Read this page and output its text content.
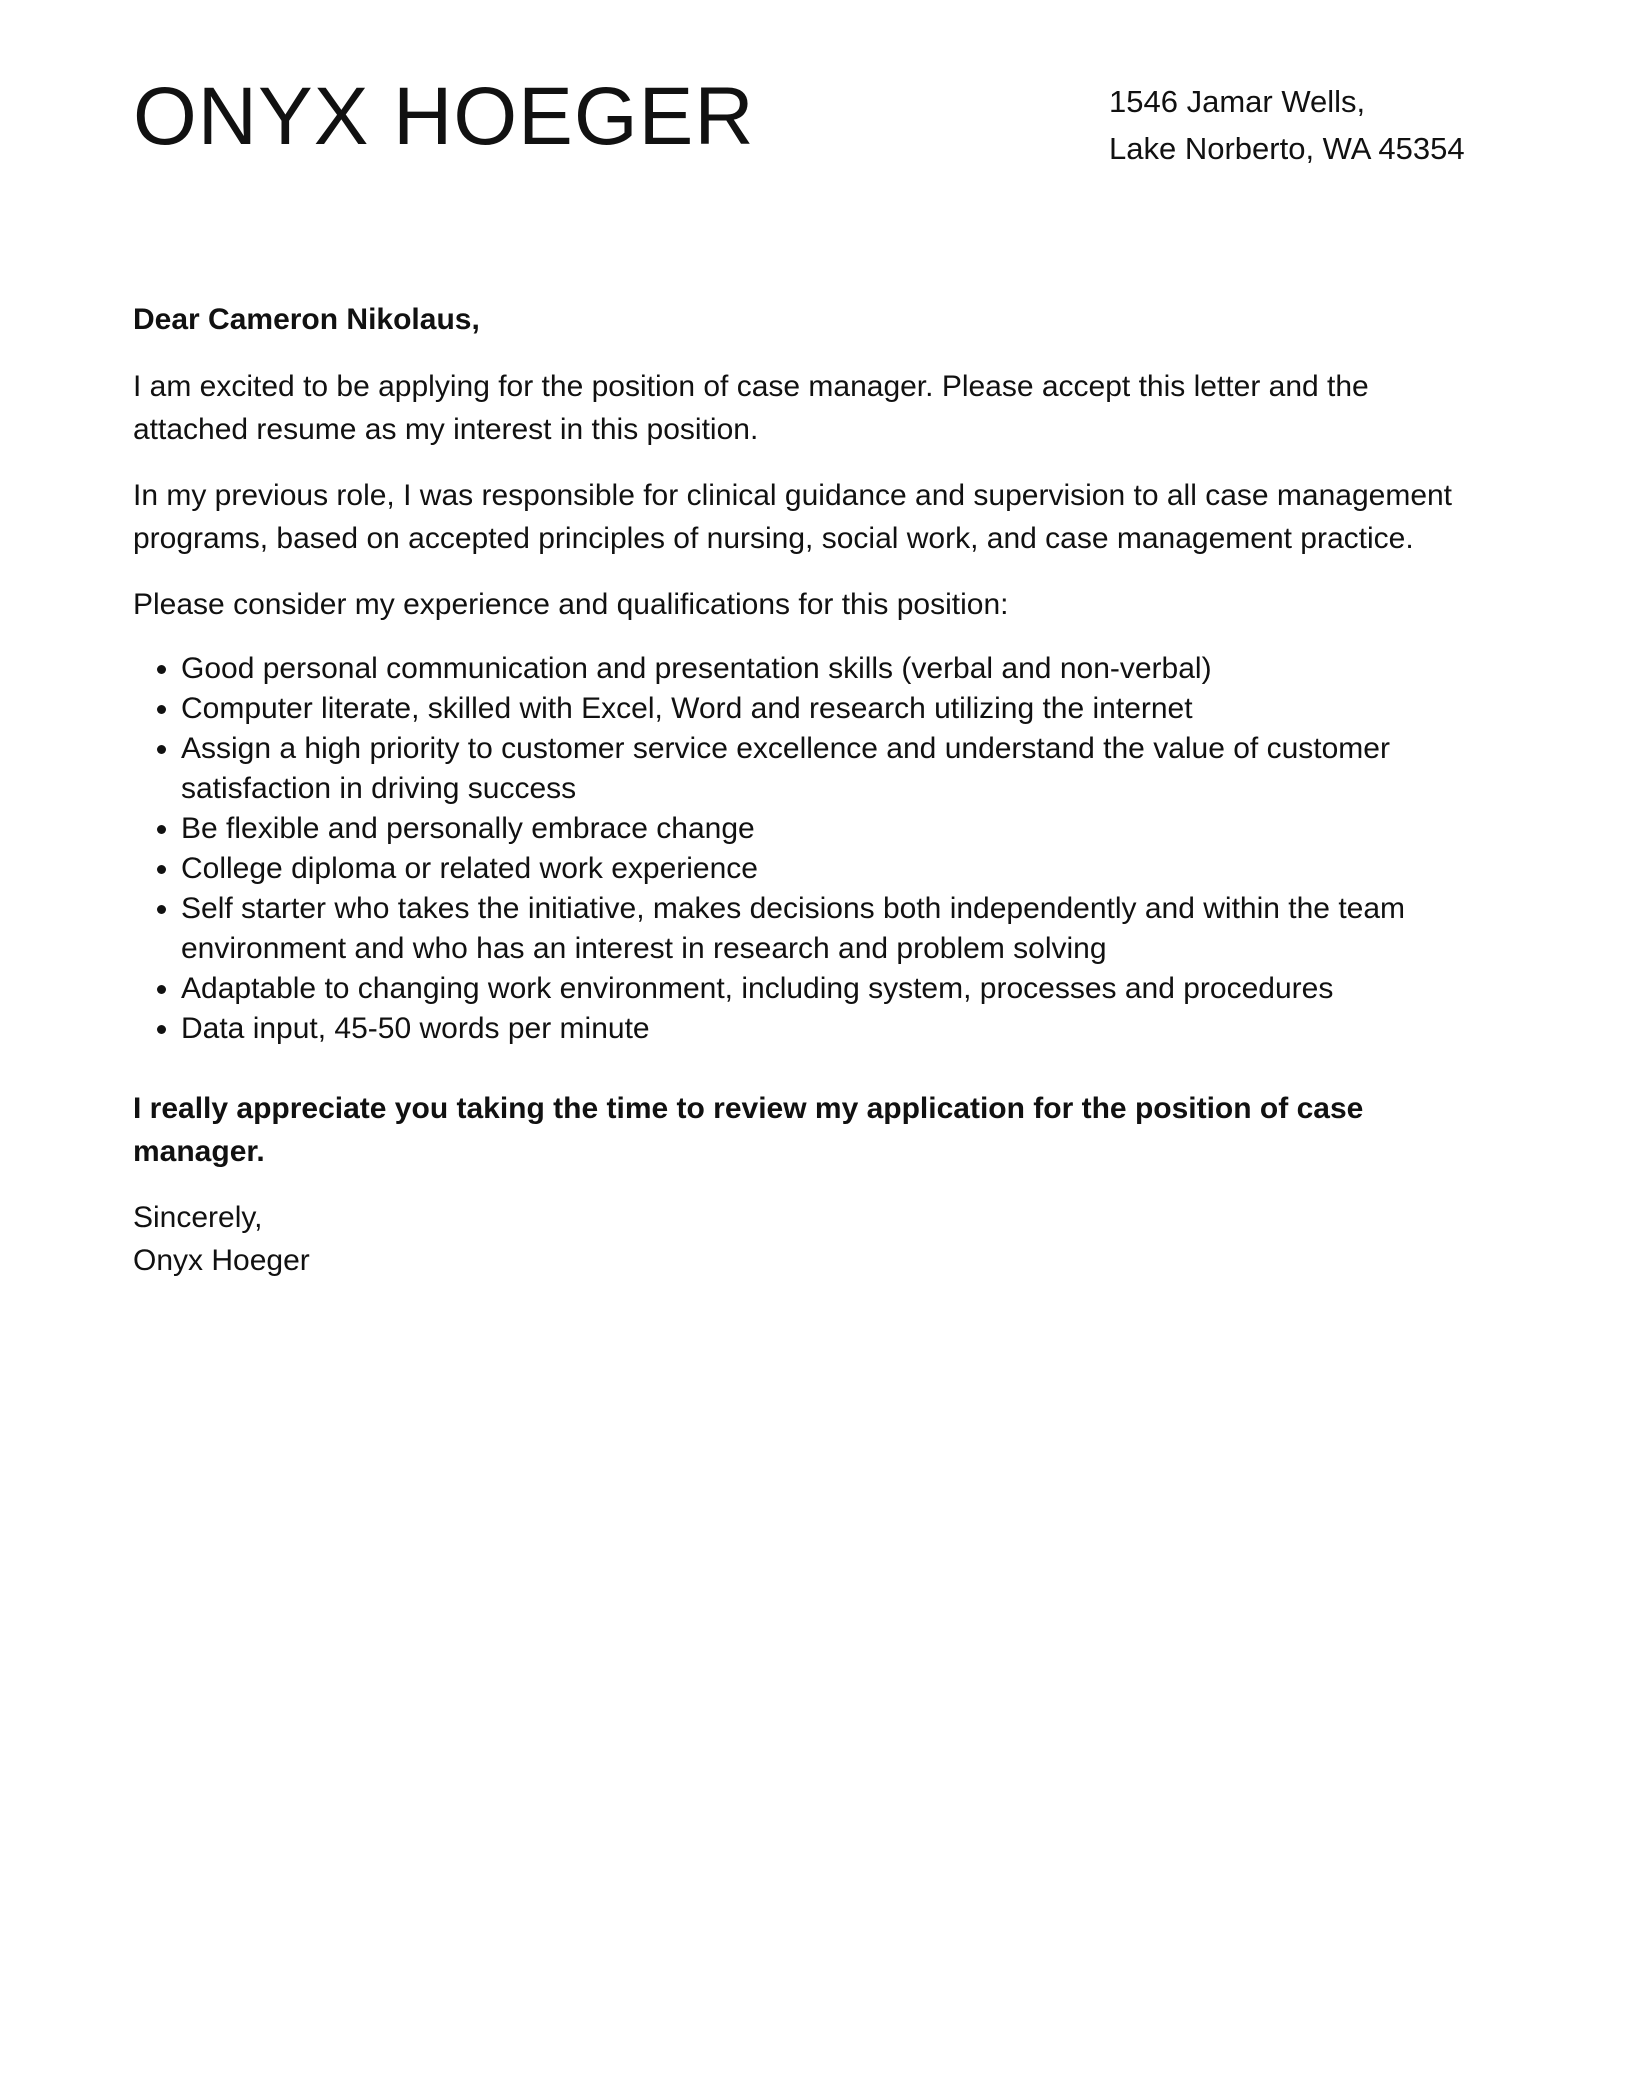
ONYX HOEGER	1546 Jamar Wells,
Lake Norberto, WA 45354

Dear Cameron Nikolaus,

I am excited to be applying for the position of case manager. Please accept this letter and the attached resume as my interest in this position.

In my previous role, I was responsible for clinical guidance and supervision to all case management programs, based on accepted principles of nursing, social work, and case management practice.

Please consider my experience and qualifications for this position:

• Good personal communication and presentation skills (verbal and non-verbal)
• Computer literate, skilled with Excel, Word and research utilizing the internet
• Assign a high priority to customer service excellence and understand the value of customer satisfaction in driving success
• Be flexible and personally embrace change
• College diploma or related work experience
• Self starter who takes the initiative, makes decisions both independently and within the team environment and who has an interest in research and problem solving
• Adaptable to changing work environment, including system, processes and procedures
• Data input, 45-50 words per minute

I really appreciate you taking the time to review my application for the position of case manager.

Sincerely,
Onyx Hoeger
